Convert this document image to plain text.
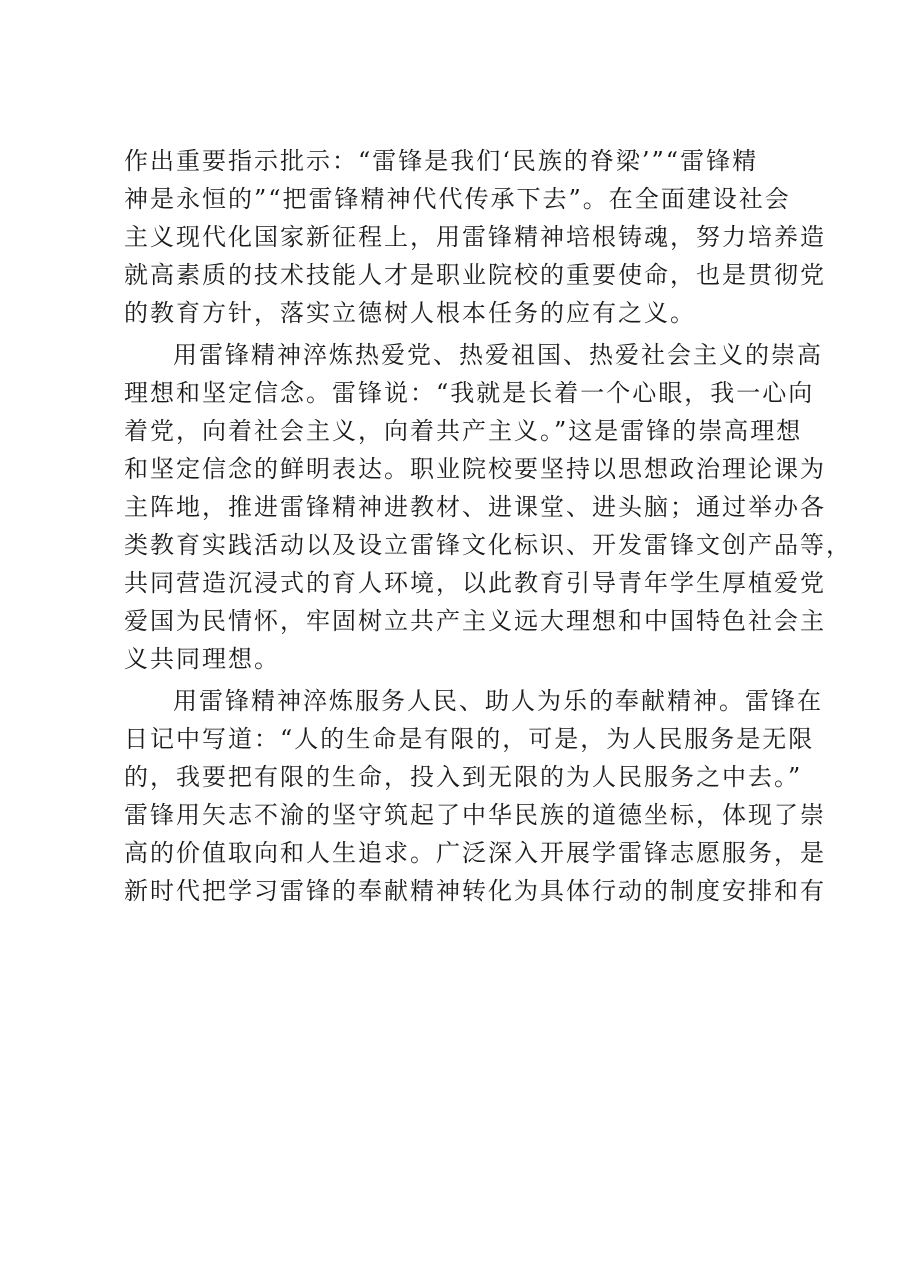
作出重要指示批示：“雷锋是我们‘民族的脊梁’”“雷锋精
神是永恒的”“把雷锋精神代代传承下去”。在全面建设社会
主义现代化国家新征程上，用雷锋精神培根铸魂，努力培养造
就高素质的技术技能人才是职业院校的重要使命，也是贯彻党
的教育方针，落实立德树人根本任务的应有之义。
用雷锋精神淬炼热爱党、热爱祖国、热爱社会主义的崇高
理想和坚定信念。雷锋说：“我就是长着一个心眼，我一心向
着党，向着社会主义，向着共产主义。”这是雷锋的崇高理想
和坚定信念的鲜明表达。职业院校要坚持以思想政治理论课为
主阵地，推进雷锋精神进教材、进课堂、进头脑；通过举办各
类教育实践活动以及设立雷锋文化标识、开发雷锋文创产品等，
共同营造沉浸式的育人环境，以此教育引导青年学生厚植爱党
爱国为民情怀，牢固树立共产主义远大理想和中国特色社会主
义共同理想。
用雷锋精神淬炼服务人民、助人为乐的奉献精神。雷锋在
日记中写道：“人的生命是有限的，可是，为人民服务是无限
的，我要把有限的生命，投入到无限的为人民服务之中去。”
雷锋用矢志不渝的坚守筑起了中华民族的道德坐标，体现了崇
高的价值取向和人生追求。广泛深入开展学雷锋志愿服务，是
新时代把学习雷锋的奉献精神转化为具体行动的制度安排和有
